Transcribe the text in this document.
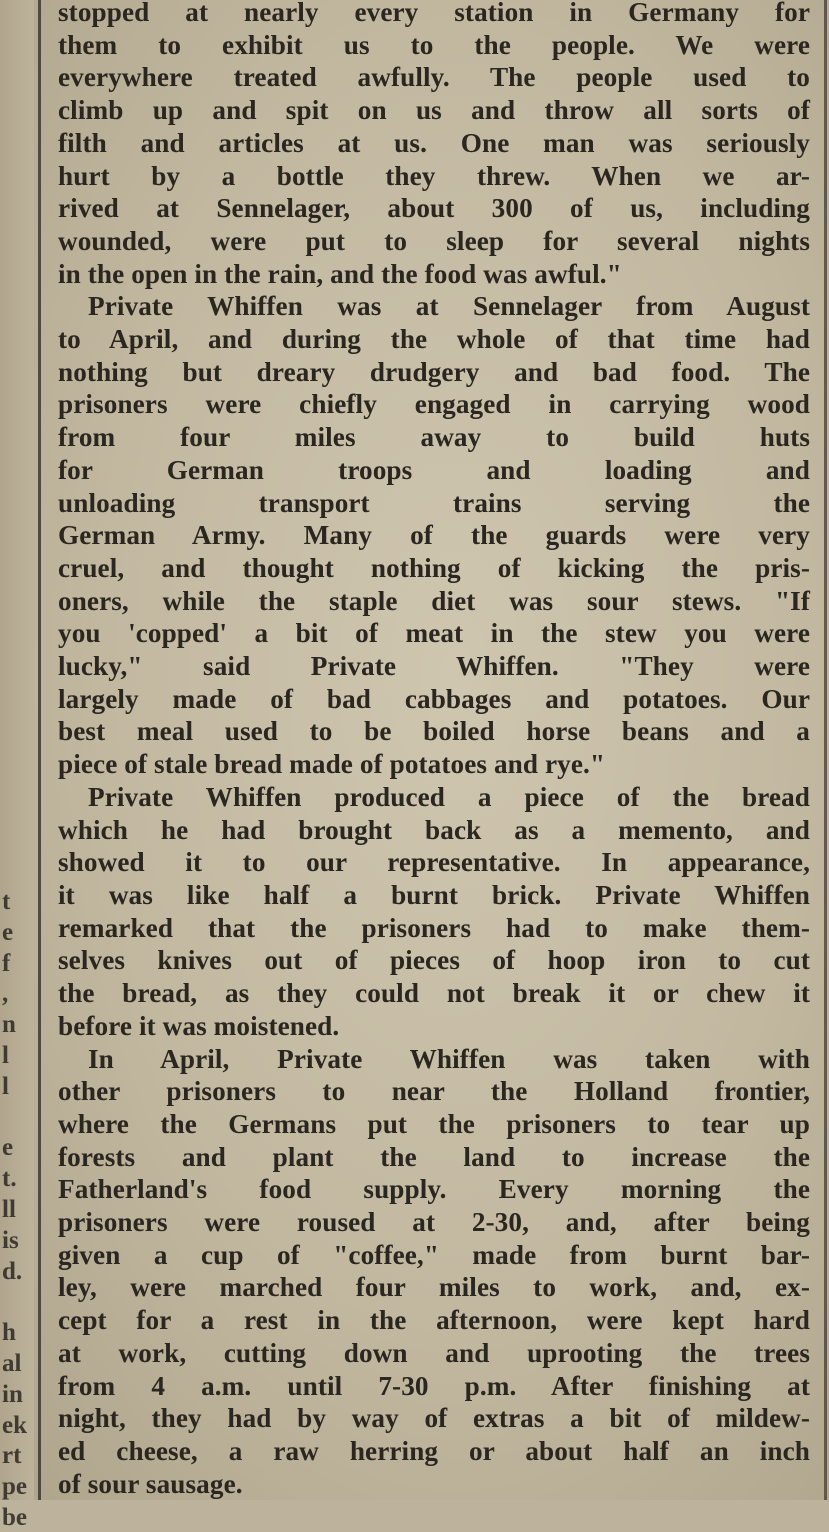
t
e
f
,
n
l
l
e
t.
ll
is
d.
h
al
in
ek
rt
pe
be
stopped at nearly every station in Germany for
them to exhibit us to the people. We were
everywhere treated awfully. The people used to
climb up and spit on us and throw all sorts of
filth and articles at us. One man was seriously
hurt by a bottle they threw. When we ar-
rived at Sennelager, about 300 of us, including
wounded, were put to sleep for several nights
in the open in the rain, and the food was awful."
Private Whiffen was at Sennelager from August
to April, and during the whole of that time had
nothing but dreary drudgery and bad food. The
prisoners were chiefly engaged in carrying wood
from four miles away to build huts
for German troops and loading and
unloading transport trains serving the
German Army. Many of the guards were very
cruel, and thought nothing of kicking the pris-
oners, while the staple diet was sour stews. "If
you 'copped' a bit of meat in the stew you were
lucky," said Private Whiffen. "They were
largely made of bad cabbages and potatoes. Our
best meal used to be boiled horse beans and a
piece of stale bread made of potatoes and rye."
Private Whiffen produced a piece of the bread
which he had brought back as a memento, and
showed it to our representative. In appearance,
it was like half a burnt brick. Private Whiffen
remarked that the prisoners had to make them-
selves knives out of pieces of hoop iron to cut
the bread, as they could not break it or chew it
before it was moistened.
In April, Private Whiffen was taken with
other prisoners to near the Holland frontier,
where the Germans put the prisoners to tear up
forests and plant the land to increase the
Fatherland's food supply. Every morning the
prisoners were roused at 2-30, and, after being
given a cup of "coffee," made from burnt bar-
ley, were marched four miles to work, and, ex-
cept for a rest in the afternoon, were kept hard
at work, cutting down and uprooting the trees
from 4 a.m. until 7-30 p.m. After finishing at
night, they had by way of extras a bit of mildew-
ed cheese, a raw herring or about half an inch
of sour sausage.
